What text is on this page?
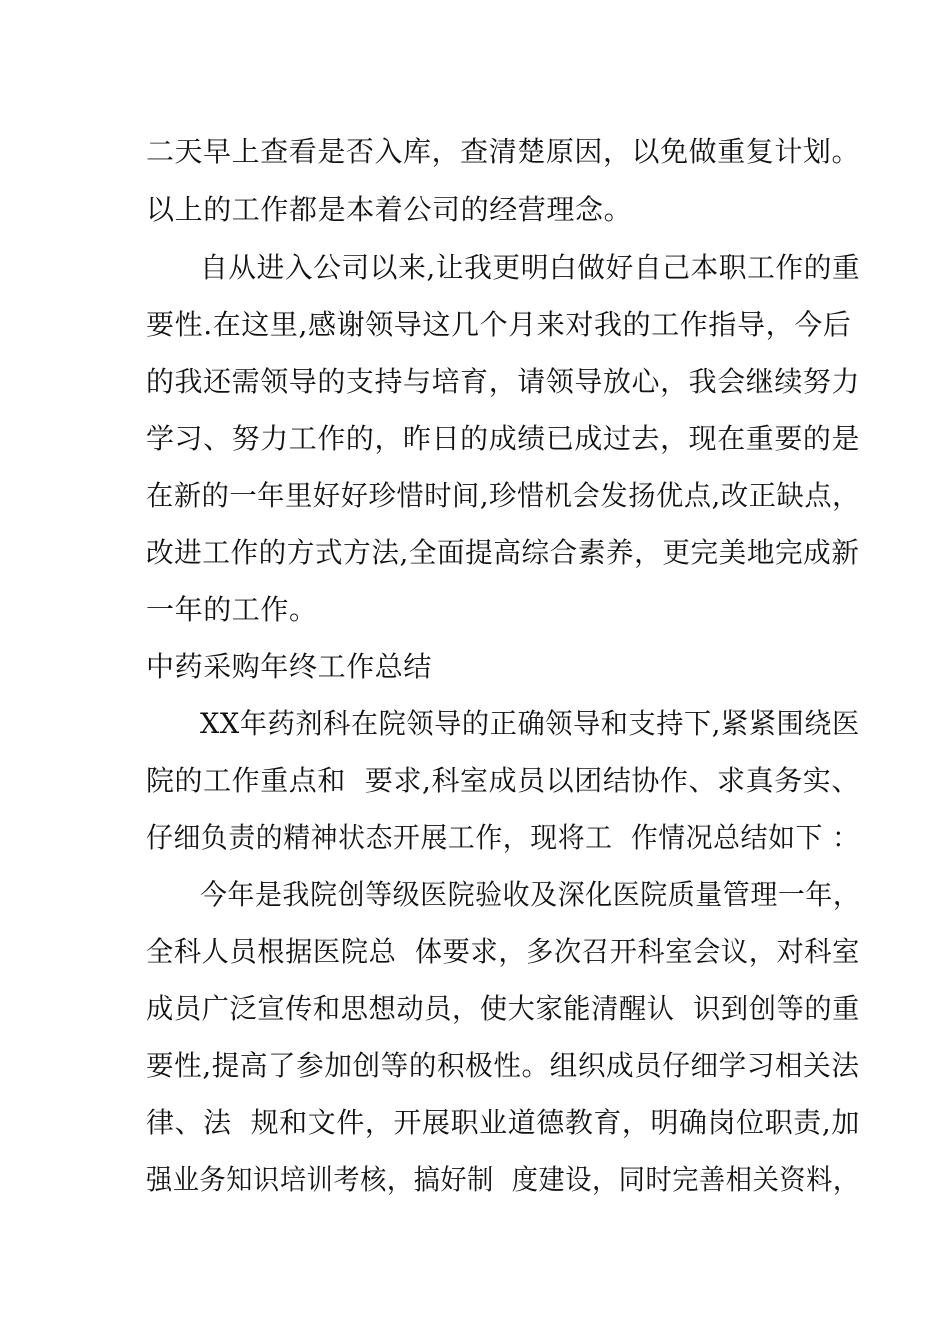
二天早上查看是否入库，查清楚原因，以免做重复计划。
以上的工作都是本着公司的经营理念。
自从进入公司以来,让我更明白做好自己本职工作的重
要性.在这里,感谢领导这几个月来对我的工作指导，今后
的我还需领导的支持与培育，请领导放心，我会继续努力
学习、努力工作的，昨日的成绩已成过去，现在重要的是
在新的一年里好好珍惜时间,珍惜机会发扬优点,改正缺点，
改进工作的方式方法,全面提高综合素养，更完美地完成新
一年的工作。
中药采购年终工作总结
XX年药剂科在院领导的正确领导和支持下,紧紧围绕医
院的工作重点和  要求,科室成员以团结协作、求真务实、
仔细负责的精神状态开展工作，现将工  作情况总结如下 ：
今年是我院创等级医院验收及深化医院质量管理一年，
全科人员根据医院总  体要求，多次召开科室会议，对科室
成员广泛宣传和思想动员，使大家能清醒认  识到创等的重
要性,提高了参加创等的积极性。组织成员仔细学习相关法
律、法  规和文件，开展职业道德教育，明确岗位职责,加
强业务知识培训考核，搞好制  度建设，同时完善相关资料，
